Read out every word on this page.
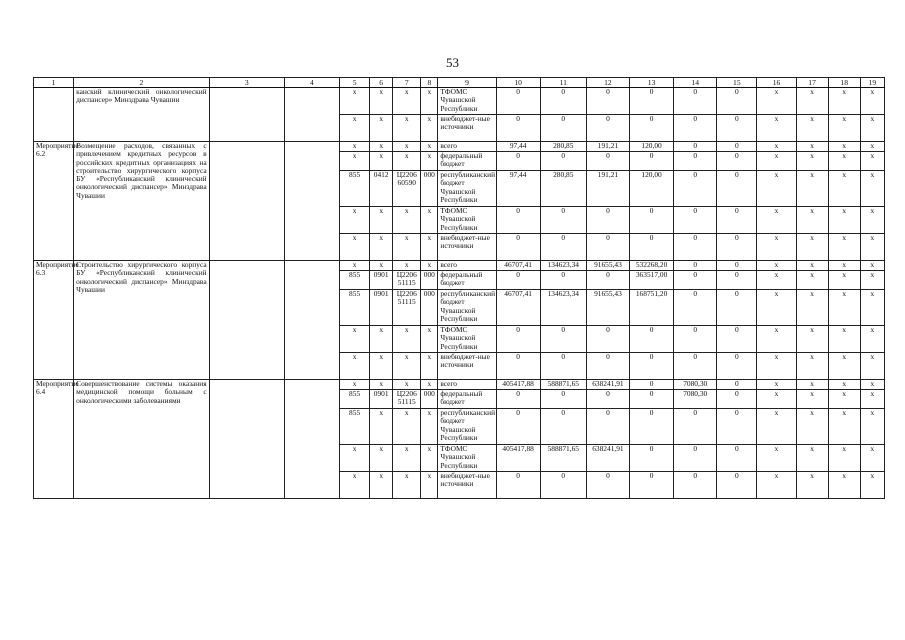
53
1	2	3	4	5	6	7	8	9	10	11	12	13	14	15	16	17	18	19
	канский клинический онкологический диспансер» Минздрава Чувашии			x	x	x	x	ТФОМС Чувашской Республики	0	0	0	0	0	0	x	x	x	x
				x	x	x	x	внебюджет-ные источники	0	0	0	0	0	0	x	x	x	x
Мероприятие 6.2	Возмещение расходов, связанных с привлечением кредитных ресурсов в российских кредитных организациях на строительство хирургического корпуса БУ «Республиканский клинический онкологический диспансер» Минздрава Чувашии			x	x	x	x	всего	97,44	280,85	191,21	120,00	0	0	x	x	x	x
				x	x	x	x	федеральный бюджет	0	0	0	0	0	0	x	x	x	x
				855	0412	Ц2206 60590	000	республиканский бюджет Чувашской Республики	97,44	280,85	191,21	120,00	0	0	x	x	x	x
				x	x	x	x	ТФОМС Чувашской Республики	0	0	0	0	0	0	x	x	x	x
				x	x	x	x	внебюджет-ные источники	0	0	0	0	0	0	x	x	x	x
Мероприятие 6.3	Строительство хирургического корпуса БУ «Республиканский клинический онкологический диспансер» Минздрава Чувашии			x	x	x	x	всего	46707,41	134623,34	91655,43	532268,20	0	0	x	x	x	x
				855	0901	Ц2206 51115	000	федеральный бюджет	0	0	0	363517,00	0	0	x	x	x	x
				855	0901	Ц2206 51115	000	республиканский бюджет Чувашской Республики	46707,41	134623,34	91655,43	168751,20	0	0	x	x	x	x
				x	x	x	x	ТФОМС Чувашской Республики	0	0	0	0	0	0	x	x	x	x
				x	x	x	x	внебюджет-ные источники	0	0	0	0	0	0	x	x	x	x
Мероприятие 6.4	Совершенствование системы оказания медицинской помощи больным с онкологическими заболеваниями			x	x	x	x	всего	405417,88	588871,65	638241,91	0	7080,30	0	x	x	x	x
				855	0901	Ц2206 51115	000	федеральный бюджет	0	0	0	0	7080,30	0	x	x	x	x
				855	x	x	x	республиканский бюджет Чувашской Республики	0	0	0	0	0	0	x	x	x	x
				x	x	x	x	ТФОМС Чувашской Республики	405417,88	588871,65	638241,91	0	0	0	x	x	x	x
				x	x	x	x	внебюджет-ные источники	0	0	0	0	0	0	x	x	x	x
